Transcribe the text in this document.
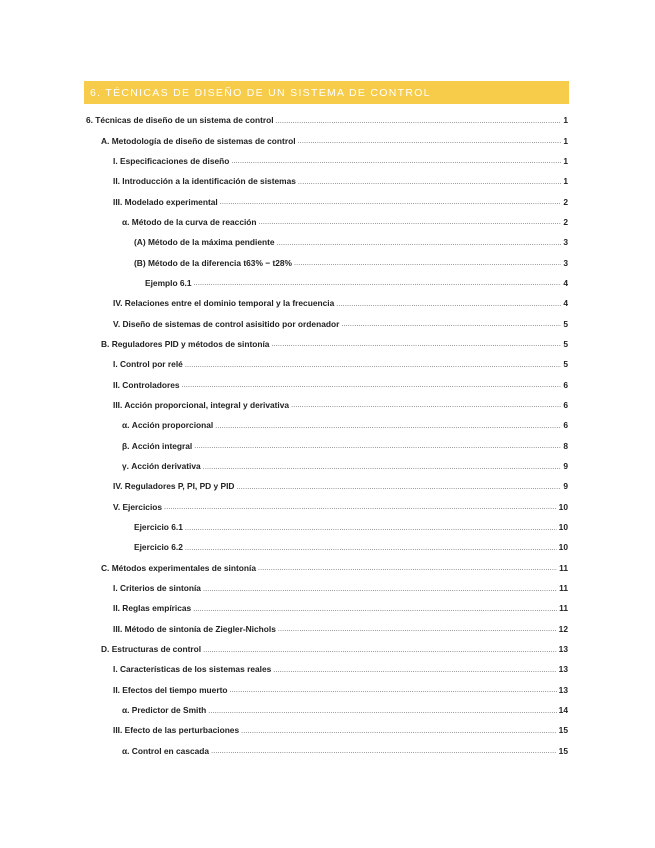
6. TÉCNICAS DE DISEÑO DE UN SISTEMA DE CONTROL
6. Técnicas de diseño de un sistema de control .....	1
A. Metodología de diseño de sistemas de control .....	1
I. Especificaciones de diseño .....	1
II. Introducción a la identificación de sistemas .....	1
III. Modelado experimental .....	2
α. Método de la curva de reacción .....	2
(A) Método de la máxima pendiente .....	3
(B) Método de la diferencia t63% − t28% .....	3
Ejemplo 6.1 .....	4
IV. Relaciones entre el dominio temporal y la frecuencia .....	4
V. Diseño de sistemas de control asisitido por ordenador .....	5
B. Reguladores PID y métodos de sintonía .....	5
I. Control por relé .....	5
II. Controladores .....	6
III. Acción proporcional, integral y derivativa .....	6
α. Acción proporcional .....	6
β. Acción integral .....	8
γ. Acción derivativa .....	9
IV. Reguladores P, PI, PD y PID .....	9
V. Ejercicios .....	10
Ejercicio 6.1 .....	10
Ejercicio 6.2 .....	10
C. Métodos experimentales de sintonía .....	11
I. Criterios de sintonía .....	11
II. Reglas empíricas .....	11
III. Método de sintonía de Ziegler-Nichols .....	12
D. Estructuras de control .....	13
I. Características de los sistemas reales .....	13
II. Efectos del tiempo muerto .....	13
α. Predictor de Smith .....	14
III. Efecto de las perturbaciones .....	15
α. Control en cascada .....	15
